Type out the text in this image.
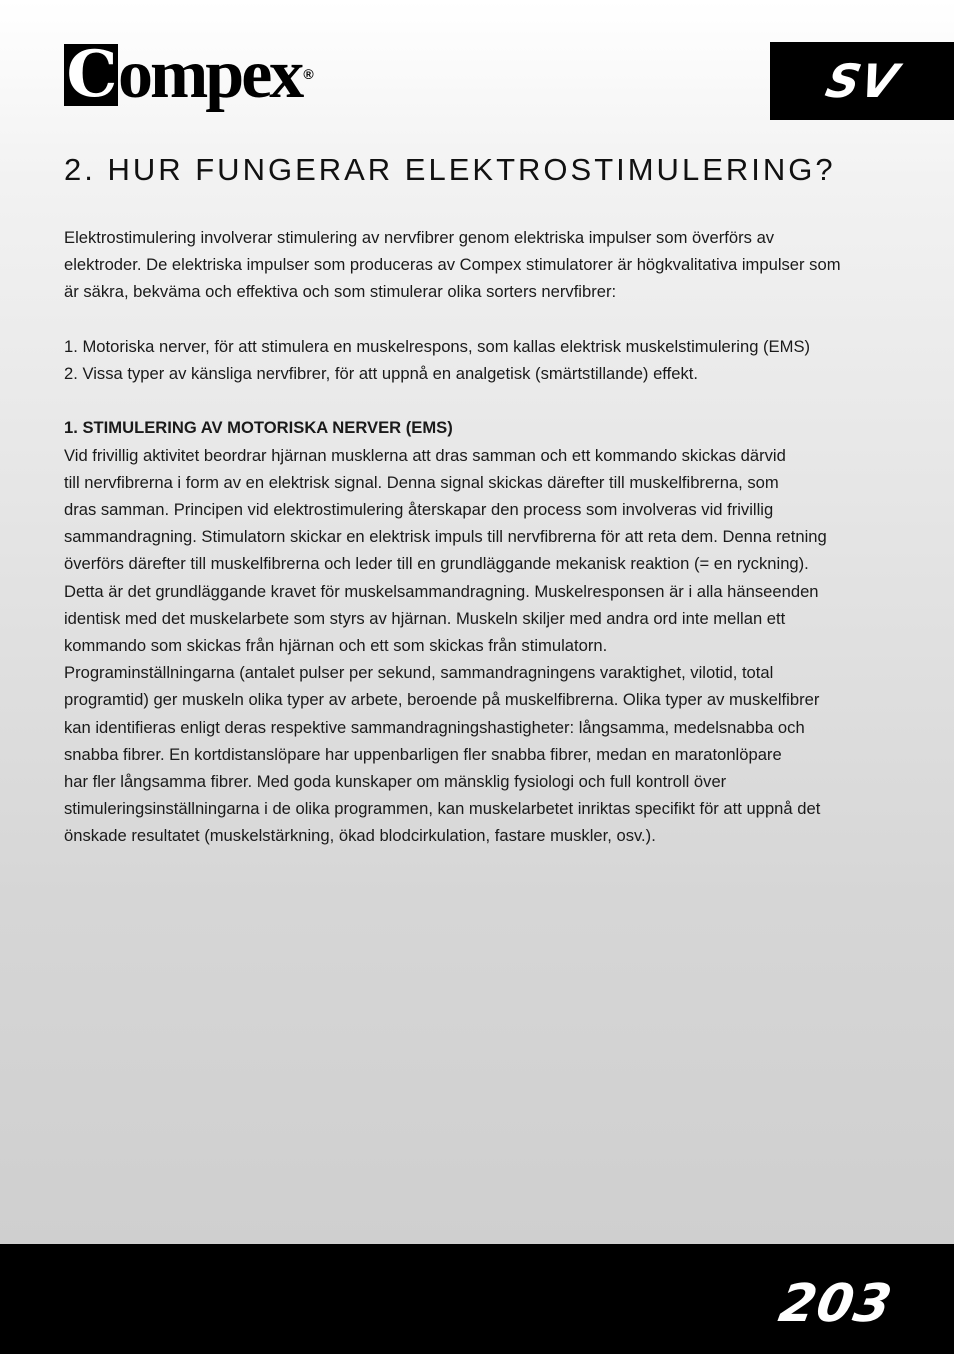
C ompex ®	SV
2. HUR FUNGERAR ELEKTROSTIMULERING?

Elektrostimulering involverar stimulering av nervfibrer genom elektriska impulser som överförs av

elektroder. De elektriska impulser som produceras av Compex stimulatorer är högkvalitativa impulser som

är säkra, bekväma och effektiva och som stimulerar olika sorters nervfibrer:

1. Motoriska nerver, för att stimulera en muskelrespons, som kallas elektrisk muskelstimulering (EMS)
2. Vissa typer av känsliga nervfibrer, för att uppnå en analgetisk (smärtstillande) effekt.

1. STIMULERING AV MOTORISKA NERVER (EMS)

Vid frivillig aktivitet beordrar hjärnan musklerna att dras samman och ett kommando skickas därvid

till nervfibrerna i form av en elektrisk signal. Denna signal skickas därefter till muskelfibrerna, som

dras samman. Principen vid elektrostimulering återskapar den process som involveras vid frivillig

sammandragning. Stimulatorn skickar en elektrisk impuls till nervfibrerna för att reta dem. Denna retning

överförs därefter till muskelfibrerna och leder till en grundläggande mekanisk reaktion (= en ryckning).

Detta är det grundläggande kravet för muskelsammandragning. Muskelresponsen är i alla hänseenden

identisk med det muskelarbete som styrs av hjärnan. Muskeln skiljer med andra ord inte mellan ett

kommando som skickas från hjärnan och ett som skickas från stimulatorn.

Programinställningarna (antalet pulser per sekund, sammandragningens varaktighet, vilotid, total

programtid) ger muskeln olika typer av arbete, beroende på muskelfibrerna. Olika typer av muskelfibrer

kan identifieras enligt deras respektive sammandragningshastigheter: långsamma, medelsnabba och

snabba fibrer. En kortdistanslöpare har uppenbarligen fler snabba fibrer, medan en maratonlöpare

har fler långsamma fibrer. Med goda kunskaper om mänsklig fysiologi och full kontroll över

stimuleringsinställningarna i de olika programmen, kan muskelarbetet inriktas specifikt för att uppnå det

önskade resultatet (muskelstärkning, ökad blodcirkulation, fastare muskler, osv.).

203
